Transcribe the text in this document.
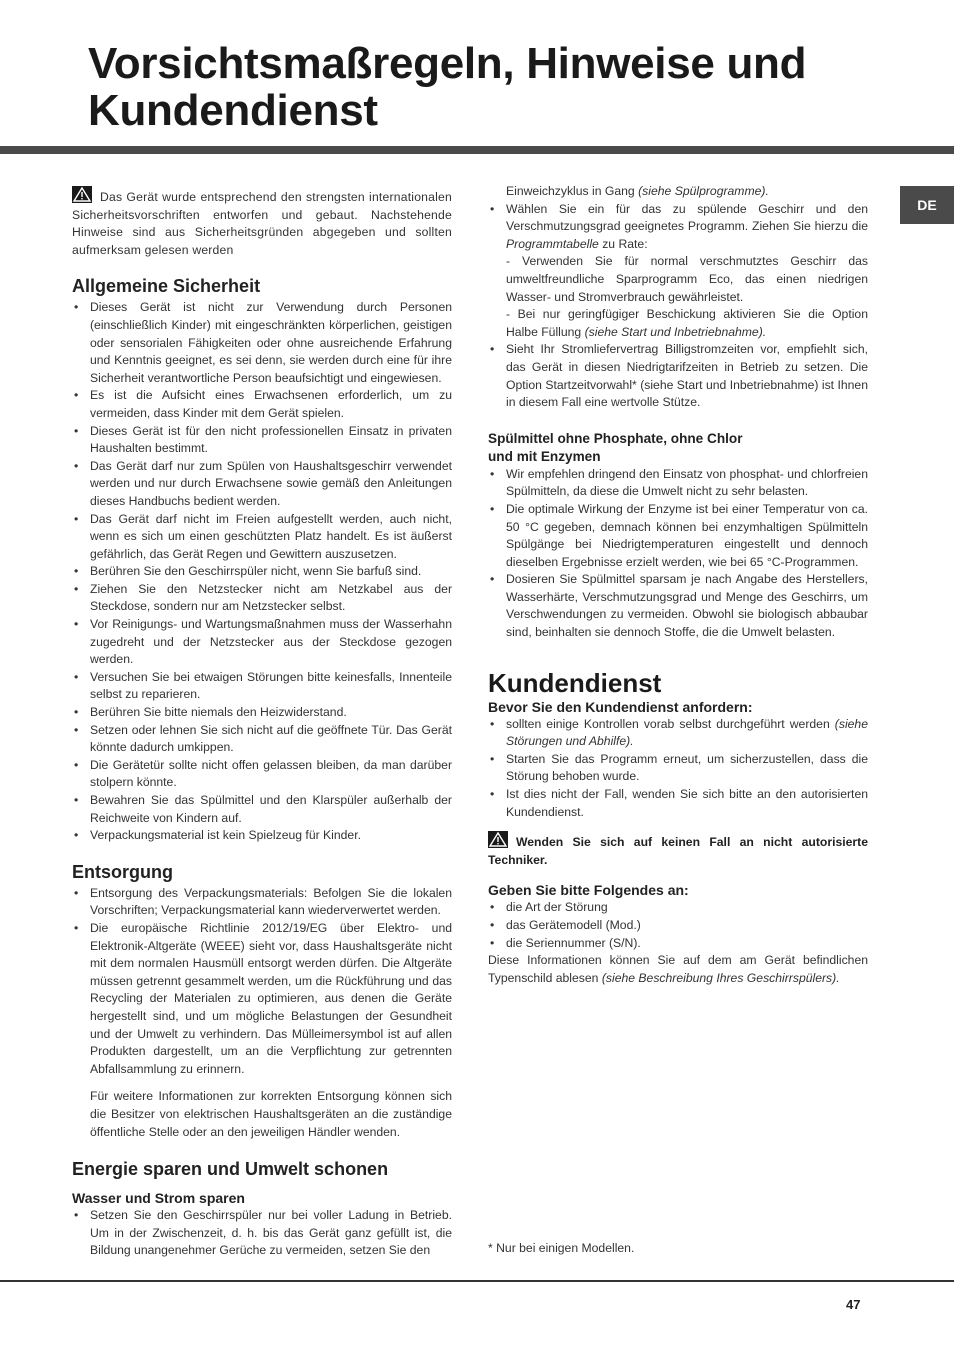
Vorsichtsmaßregeln, Hinweise und
Kundendienst
DE

Das Gerät wurde entsprechend den strengsten internationalen Sicherheitsvorschriften entworfen und gebaut. Nachstehende Hinweise sind aus Sicherheitsgründen abgegeben und sollten aufmerksam gelesen werden

Allgemeine Sicherheit
• Dieses Gerät ist nicht zur Verwendung durch Personen (einschließlich Kinder) mit eingeschränkten körperlichen, geistigen oder sensorialen Fähigkeiten oder ohne ausreichende Erfahrung und Kenntnis geeignet, es sei denn, sie werden durch eine für ihre Sicherheit verantwortliche Person beaufsichtigt und eingewiesen.
• Es ist die Aufsicht eines Erwachsenen erforderlich, um zu vermeiden, dass Kinder mit dem Gerät spielen.
• Dieses Gerät ist für den nicht professionellen Einsatz in privaten Haushalten bestimmt.
• Das Gerät darf nur zum Spülen von Haushaltsgeschirr verwendet werden und nur durch Erwachsene sowie gemäß den Anleitungen dieses Handbuchs bedient werden.
• Das Gerät darf nicht im Freien aufgestellt werden, auch nicht, wenn es sich um einen geschützten Platz handelt. Es ist äußerst gefährlich, das Gerät Regen und Gewittern auszusetzen.
• Berühren Sie den Geschirrspüler nicht, wenn Sie barfuß sind.
• Ziehen Sie den Netzstecker nicht am Netzkabel aus der Steckdose, sondern nur am Netzstecker selbst.
• Vor Reinigungs- und Wartungsmaßnahmen muss der Wasserhahn zugedreht und der Netzstecker aus der Steckdose gezogen werden.
• Versuchen Sie bei etwaigen Störungen bitte keinesfalls, Innenteile selbst zu reparieren.
• Berühren Sie bitte niemals den Heizwiderstand.
• Setzen oder lehnen Sie sich nicht auf die geöffnete Tür. Das Gerät könnte dadurch umkippen.
• Die Gerätetür sollte nicht offen gelassen bleiben, da man darüber stolpern könnte.
• Bewahren Sie das Spülmittel und den Klarspüler außerhalb der Reichweite von Kindern auf.
• Verpackungsmaterial ist kein Spielzeug für Kinder.
Entsorgung
• Entsorgung des Verpackungsmaterials: Befolgen Sie die lokalen Vorschriften; Verpackungsmaterial kann wiederverwertet werden.
• Die europäische Richtlinie 2012/19/EG über Elektro- und Elektronik-Altgeräte (WEEE) sieht vor, dass Haushaltsgeräte nicht mit dem normalen Hausmüll entsorgt werden dürfen. Die Altgeräte müssen getrennt gesammelt werden, um die Rückführung und das Recycling der Materialen zu optimieren, aus denen die Geräte hergestellt sind, und um mögliche Belastungen der Gesundheit und der Umwelt zu verhindern. Das Mülleimersymbol ist auf allen Produkten dargestellt, um an die Verpflichtung zur getrennten Abfallsammlung zu erinnern.

Für weitere Informationen zur korrekten Entsorgung können sich die Besitzer von elektrischen Haushaltsgeräten an die zuständige öffentliche Stelle oder an den jeweiligen Händler wenden.

Energie sparen und Umwelt schonen
Wasser und Strom sparen
• Setzen Sie den Geschirrspüler nur bei voller Ladung in Betrieb. Um in der Zwischenzeit, d. h. bis das Gerät ganz gefüllt ist, die Bildung unangenehmer Gerüche zu vermeiden, setzen Sie den

Einweichzyklus in Gang (siehe Spülprogramme).

• Wählen Sie ein für das zu spülende Geschirr und den Verschmutzungsgrad geeignetes Programm. Ziehen Sie hierzu die Programmtabelle zu Rate:
- Verwenden Sie für normal verschmutztes Geschirr das umweltfreundliche Sparprogramm Eco, das einen niedrigen Wasser- und Stromverbrauch gewährleistet.
- Bei nur geringfügiger Beschickung aktivieren Sie die Option Halbe Füllung (siehe Start und Inbetriebnahme).
• Sieht Ihr Stromliefervertrag Billigstromzeiten vor, empfiehlt sich, das Gerät in diesen Niedrigtarifzeiten in Betrieb zu setzen. Die Option Startzeitvorwahl* (siehe Start und Inbetriebnahme) ist Ihnen in diesem Fall eine wertvolle Stütze.
Spülmittel ohne Phosphate, ohne Chlor
und mit Enzymen
• Wir empfehlen dringend den Einsatz von phosphat- und chlorfreien Spülmitteln, da diese die Umwelt nicht zu sehr belasten.
• Die optimale Wirkung der Enzyme ist bei einer Temperatur von ca. 50 °C gegeben, demnach können bei enzymhaltigen Spülmitteln Spülgänge bei Niedrigtemperaturen eingestellt und dennoch dieselben Ergebnisse erzielt werden, wie bei 65 °C-Programmen.
• Dosieren Sie Spülmittel sparsam je nach Angabe des Herstellers, Wasserhärte, Verschmutzungsgrad und Menge des Geschirrs, um Verschwendungen zu vermeiden. Obwohl sie biologisch abbaubar sind, beinhalten sie dennoch Stoffe, die die Umwelt belasten.
Kundendienst
Bevor Sie den Kundendienst anfordern:
• sollten einige Kontrollen vorab selbst durchgeführt werden (siehe Störungen und Abhilfe).
• Starten Sie das Programm erneut, um sicherzustellen, dass die Störung behoben wurde.
• Ist dies nicht der Fall, wenden Sie sich bitte an den autorisierten Kundendienst.

Wenden Sie sich auf keinen Fall an nicht autorisierte Techniker.

Geben Sie bitte Folgendes an:
• die Art der Störung
• das Gerätemodell (Mod.)
• die Seriennummer (S/N).

Diese Informationen können Sie auf dem am Gerät befindlichen Typenschild ablesen (siehe Beschreibung Ihres Geschirrspülers).

* Nur bei einigen Modellen.
47
